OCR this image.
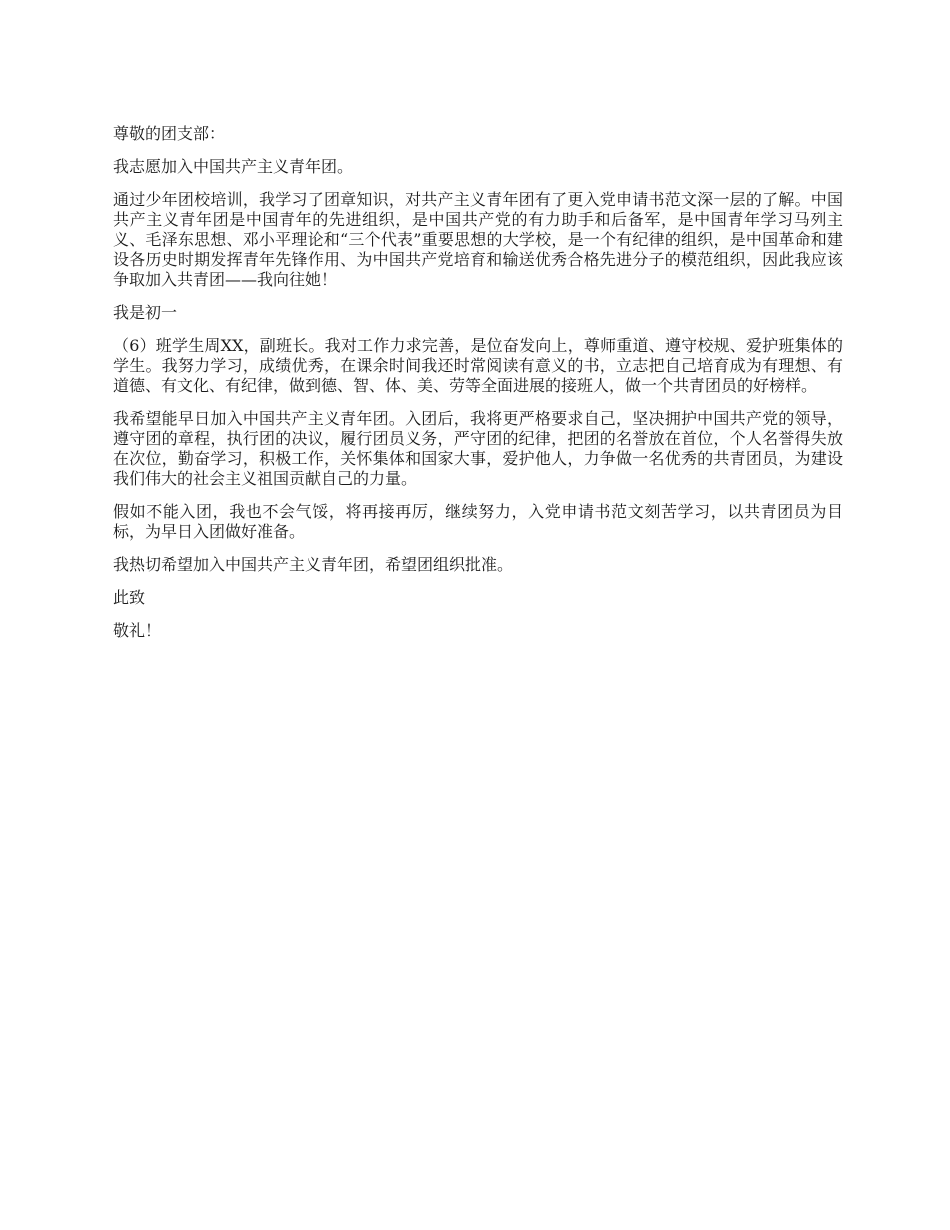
尊敬的团支部：

我志愿加入中国共产主义青年团。

通过少年团校培训，我学习了团章知识，对共产主义青年团有了更入党申请书范文深一层的了解。中国共产主义青年团是中国青年的先进组织，是中国共产党的有力助手和后备军，是中国青年学习马列主义、毛泽东思想、邓小平理论和“三个代表”重要思想的大学校，是一个有纪律的组织，是中国革命和建设各历史时期发挥青年先锋作用、为中国共产党培育和输送优秀合格先进分子的模范组织，因此我应该争取加入共青团——我向往她！

我是初一

（6）班学生周XX，副班长。我对工作力求完善，是位奋发向上，尊师重道、遵守校规、爱护班集体的学生。我努力学习，成绩优秀，在课余时间我还时常阅读有意义的书，立志把自己培育成为有理想、有道德、有文化、有纪律，做到德、智、体、美、劳等全面进展的接班人，做一个共青团员的好榜样。

我希望能早日加入中国共产主义青年团。入团后，我将更严格要求自己，坚决拥护中国共产党的领导，遵守团的章程，执行团的决议，履行团员义务，严守团的纪律，把团的名誉放在首位，个人名誉得失放在次位，勤奋学习，积极工作，关怀集体和国家大事，爱护他人，力争做一名优秀的共青团员，为建设我们伟大的社会主义祖国贡献自己的力量。

假如不能入团，我也不会气馁，将再接再厉，继续努力，入党申请书范文刻苦学习，以共青团员为目标，为早日入团做好准备。

我热切希望加入中国共产主义青年团，希望团组织批准。

此致

敬礼！
